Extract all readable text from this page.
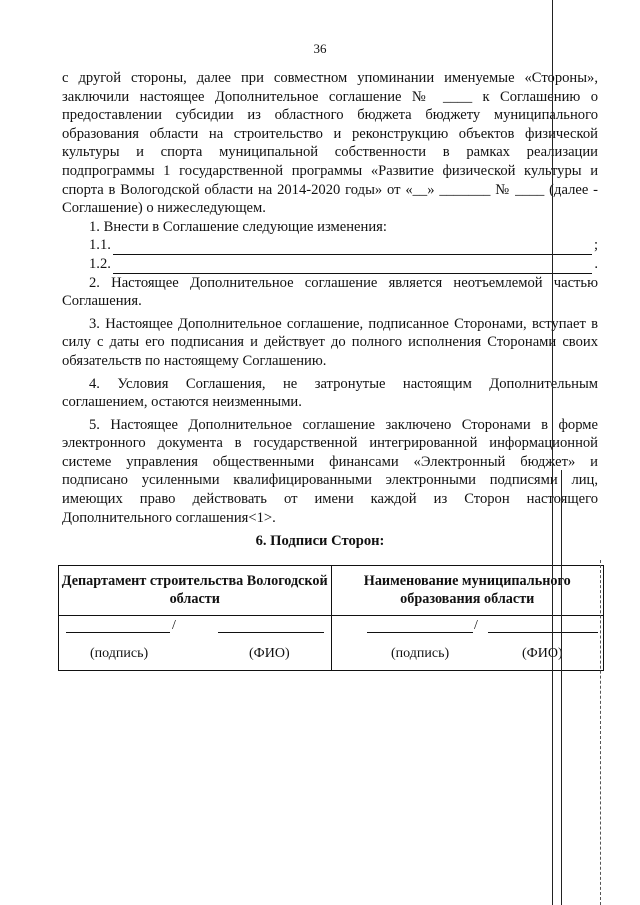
36

с другой стороны, далее при совместном упоминании именуемые «Стороны», заключили настоящее Дополнительное соглашение № ____ к Соглашению о предоставлении субсидии из областного бюджета бюджету муниципального образования области на строительство и реконструкцию объектов физической культуры и спорта муниципальной собственности в рамках реализации подпрограммы 1 государственной программы «Развитие физической культуры и спорта в Вологодской области на 2014-2020 годы» от «__» _______ № ____ (далее - Соглашение) о нижеследующем.

1. Внести в Соглашение следующие изменения:

1.1.	;
1.2.	.

2. Настоящее Дополнительное соглашение является неотъемлемой частью Соглашения.

3. Настоящее Дополнительное соглашение, подписанное Сторонами, вступает в силу с даты его подписания и действует до полного исполнения Сторонами своих обязательств по настоящему Соглашению.

4. Условия Соглашения, не затронутые настоящим Дополнительным соглашением, остаются неизменными.

5. Настоящее Дополнительное соглашение заключено Сторонами в форме электронного документа в государственной интегрированной информационной системе управления общественными финансами «Электронный бюджет» и подписано усиленными квалифицированными электронными подписями лиц, имеющих право действовать от имени каждой из Сторон настоящего Дополнительного соглашения<1>.

6. Подписи Сторон:
Департамент строительства Вологодской области
Наименование муниципального образования области
/
(подпись)	(ФИО)
/
(подпись)	(ФИО)
